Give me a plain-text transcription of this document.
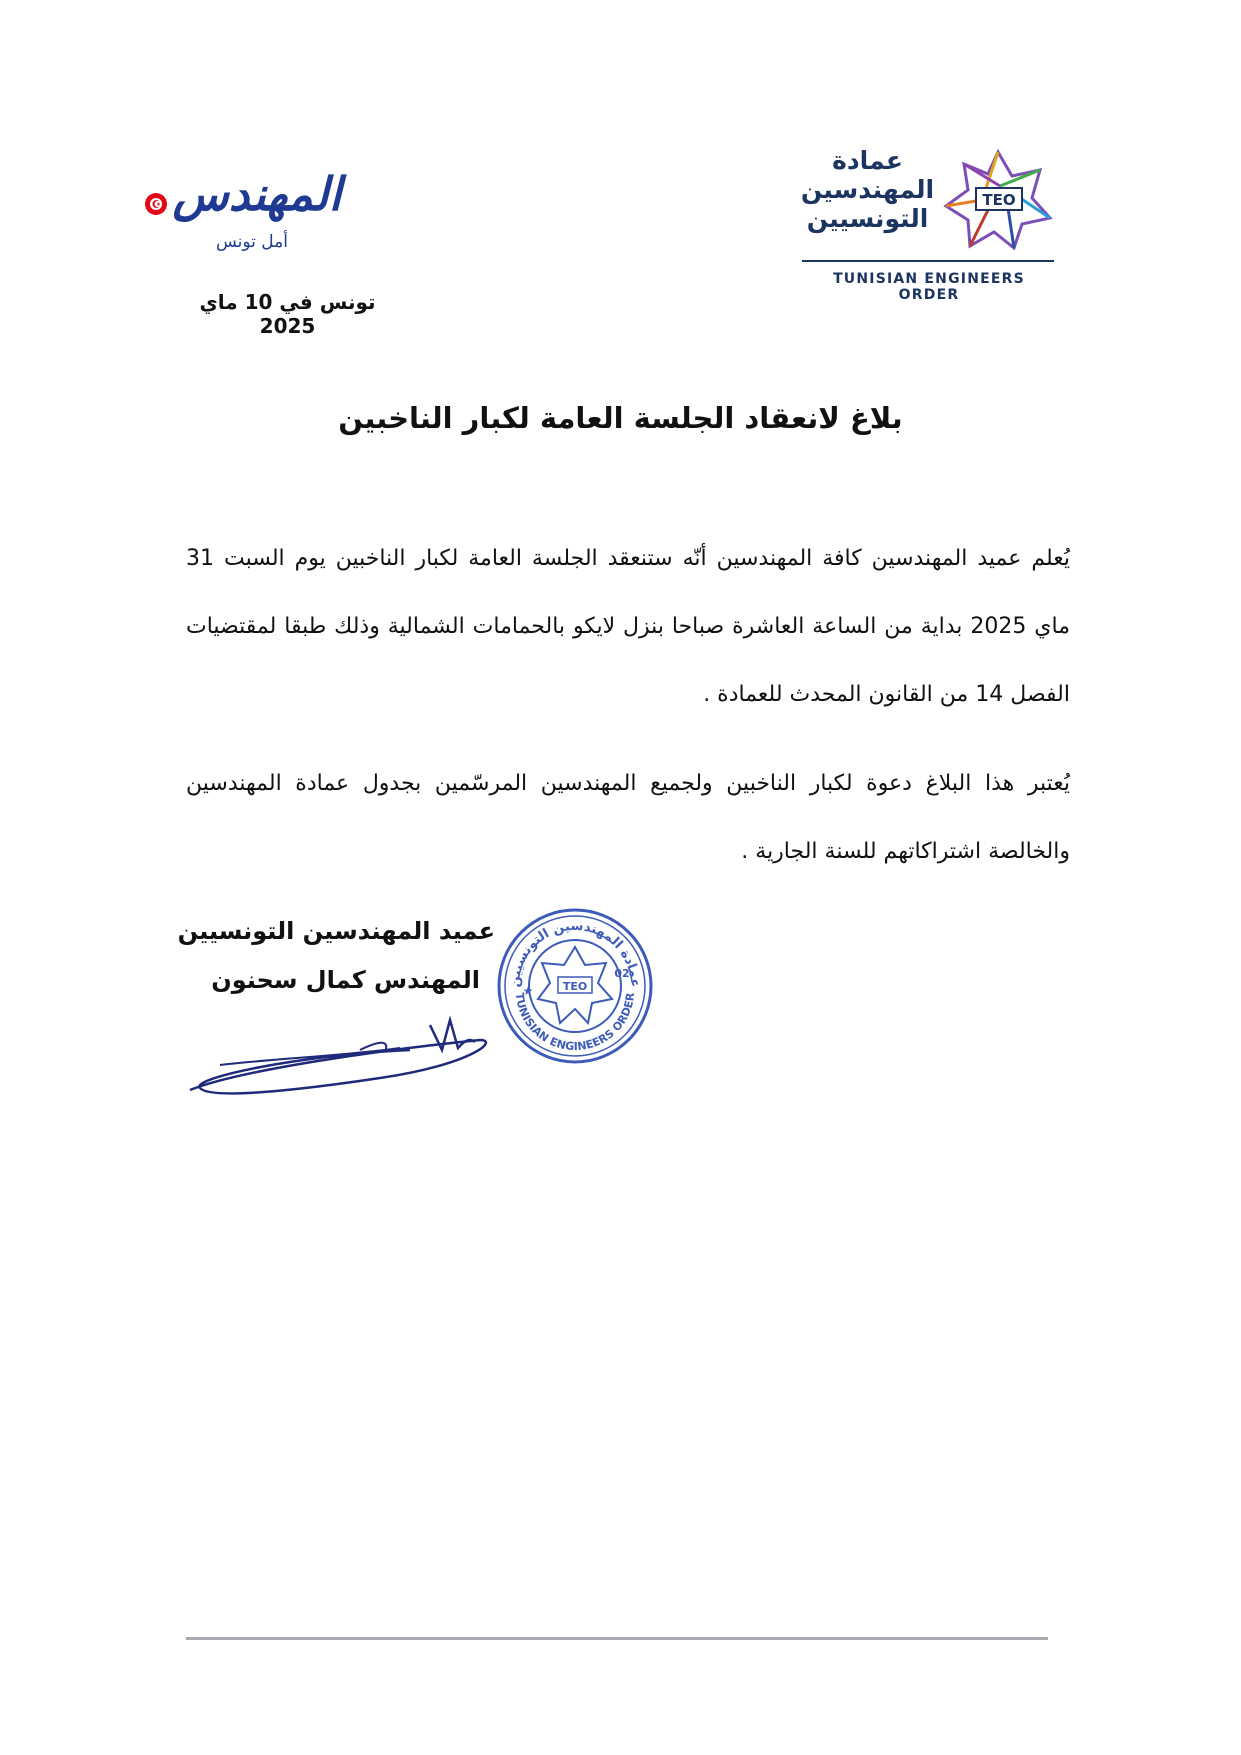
عمادة
المهندسين
التونسيين
TEO
TUNISIAN ENGINEERS ORDER
المهندس
أمل تونس
تونس في 10 ماي 2025
بلاغ لانعقاد الجلسة العامة لكبار الناخبين
يُعلم عميد المهندسين كافة المهندسين أنّه ستنعقد الجلسة العامة لكبار الناخبين يوم السبت 31 ماي 2025 بداية من الساعة العاشرة صباحا بنزل لايكو بالحمامات الشمالية وذلك طبقا لمقتضيات الفصل 14 من القانون المحدث للعمادة .
يُعتبر هذا البلاغ دعوة لكبار الناخبين ولجميع المهندسين المرسّمين بجدول عمادة المهندسين والخالصة اشتراكاتهم للسنة الجارية .
عميد المهندسين التونسيين
المهندس كمال سحنون عمادة المهندسين التونسيين
TUNISIAN ENGINEERS ORDER
TEO
02
★
